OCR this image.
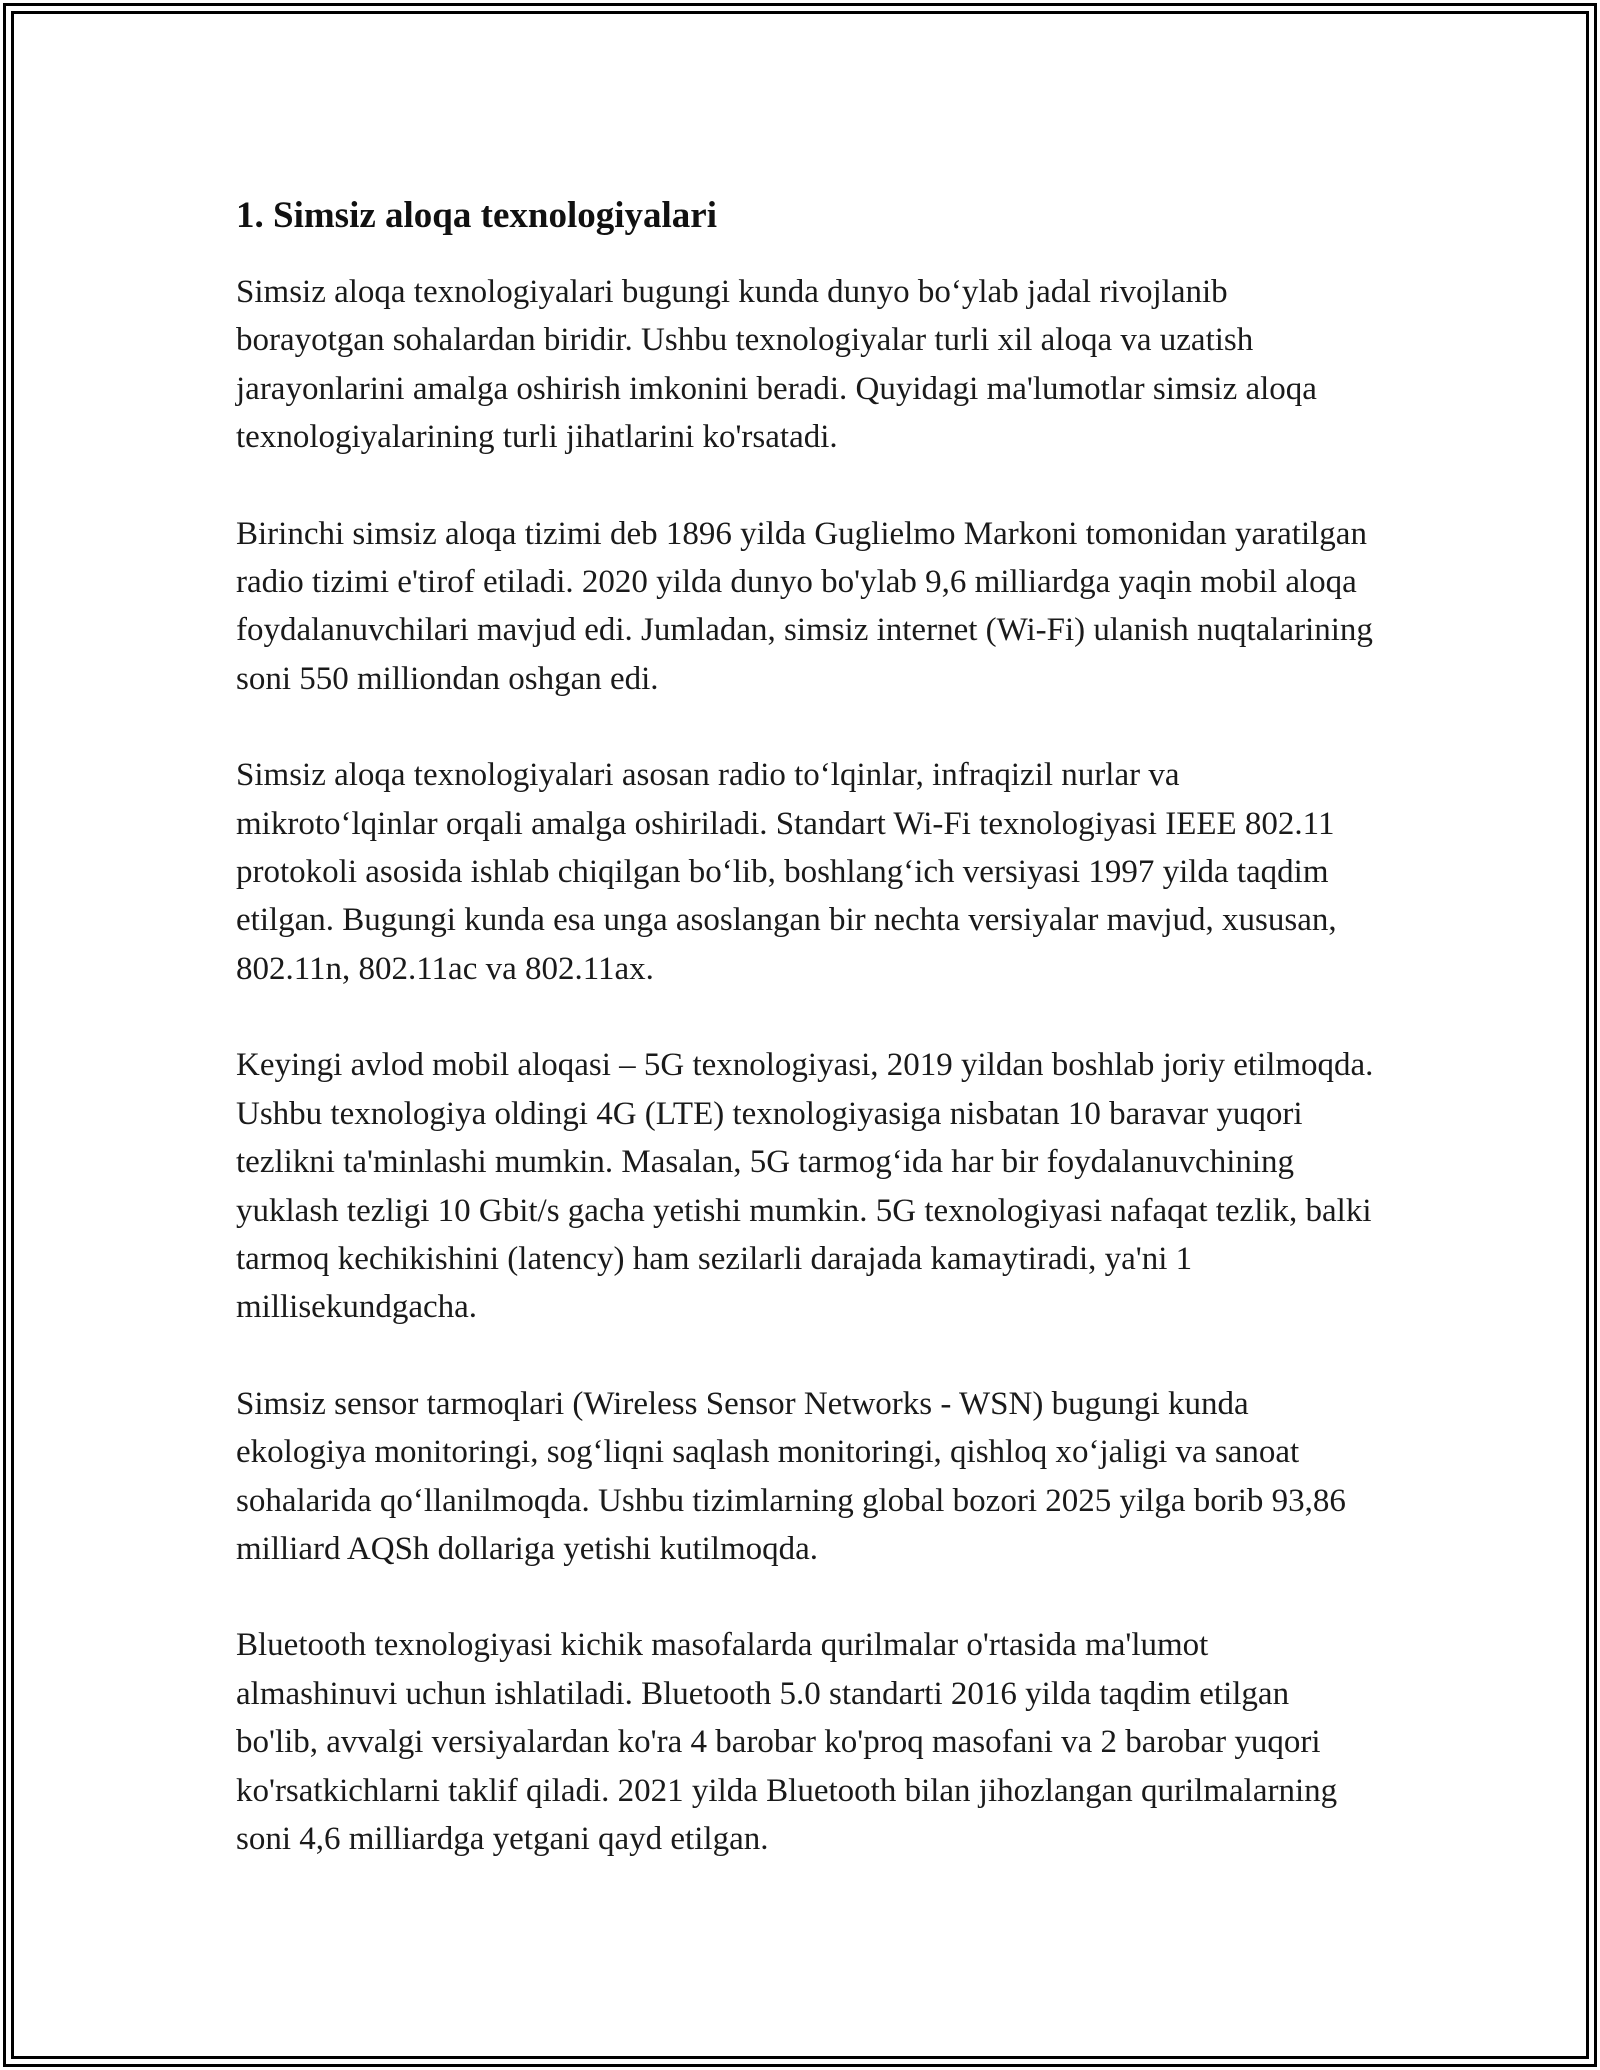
1. Simsiz aloqa texnologiyalari

Simsiz aloqa texnologiyalari bugungi kunda dunyo bo‘ylab jadal rivojlanib borayotgan sohalardan biridir. Ushbu texnologiyalar turli xil aloqa va uzatish jarayonlarini amalga oshirish imkonini beradi. Quyidagi ma'lumotlar simsiz aloqa texnologiyalarining turli jihatlarini ko'rsatadi.

Birinchi simsiz aloqa tizimi deb 1896 yilda Guglielmo Markoni tomonidan yaratilgan radio tizimi e'tirof etiladi. 2020 yilda dunyo bo'ylab 9,6 milliardga yaqin mobil aloqa foydalanuvchilari mavjud edi. Jumladan, simsiz internet (Wi-Fi) ulanish nuqtalarining soni 550 milliondan oshgan edi.

Simsiz aloqa texnologiyalari asosan radio to‘lqinlar, infraqizil nurlar va mikroto‘lqinlar orqali amalga oshiriladi. Standart Wi-Fi texnologiyasi IEEE 802.11 protokoli asosida ishlab chiqilgan bo‘lib, boshlang‘ich versiyasi 1997 yilda taqdim etilgan. Bugungi kunda esa unga asoslangan bir nechta versiyalar mavjud, xususan, 802.11n, 802.11ac va 802.11ax.

Keyingi avlod mobil aloqasi – 5G texnologiyasi, 2019 yildan boshlab joriy etilmoqda. Ushbu texnologiya oldingi 4G (LTE) texnologiyasiga nisbatan 10 baravar yuqori tezlikni ta'minlashi mumkin. Masalan, 5G tarmog‘ida har bir foydalanuvchining yuklash tezligi 10 Gbit/s gacha yetishi mumkin. 5G texnologiyasi nafaqat tezlik, balki tarmoq kechikishini (latency) ham sezilarli darajada kamaytiradi, ya'ni 1 millisekundgacha.

Simsiz sensor tarmoqlari (Wireless Sensor Networks - WSN) bugungi kunda ekologiya monitoringi, sog‘liqni saqlash monitoringi, qishloq xo‘jaligi va sanoat sohalarida qo‘llanilmoqda. Ushbu tizimlarning global bozori 2025 yilga borib 93,86 milliard AQSh dollariga yetishi kutilmoqda.

Bluetooth texnologiyasi kichik masofalarda qurilmalar o'rtasida ma'lumot almashinuvi uchun ishlatiladi. Bluetooth 5.0 standarti 2016 yilda taqdim etilgan bo'lib, avvalgi versiyalardan ko'ra 4 barobar ko'proq masofani va 2 barobar yuqori ko'rsatkichlarni taklif qiladi. 2021 yilda Bluetooth bilan jihozlangan qurilmalarning soni 4,6 milliardga yetgani qayd etilgan.
